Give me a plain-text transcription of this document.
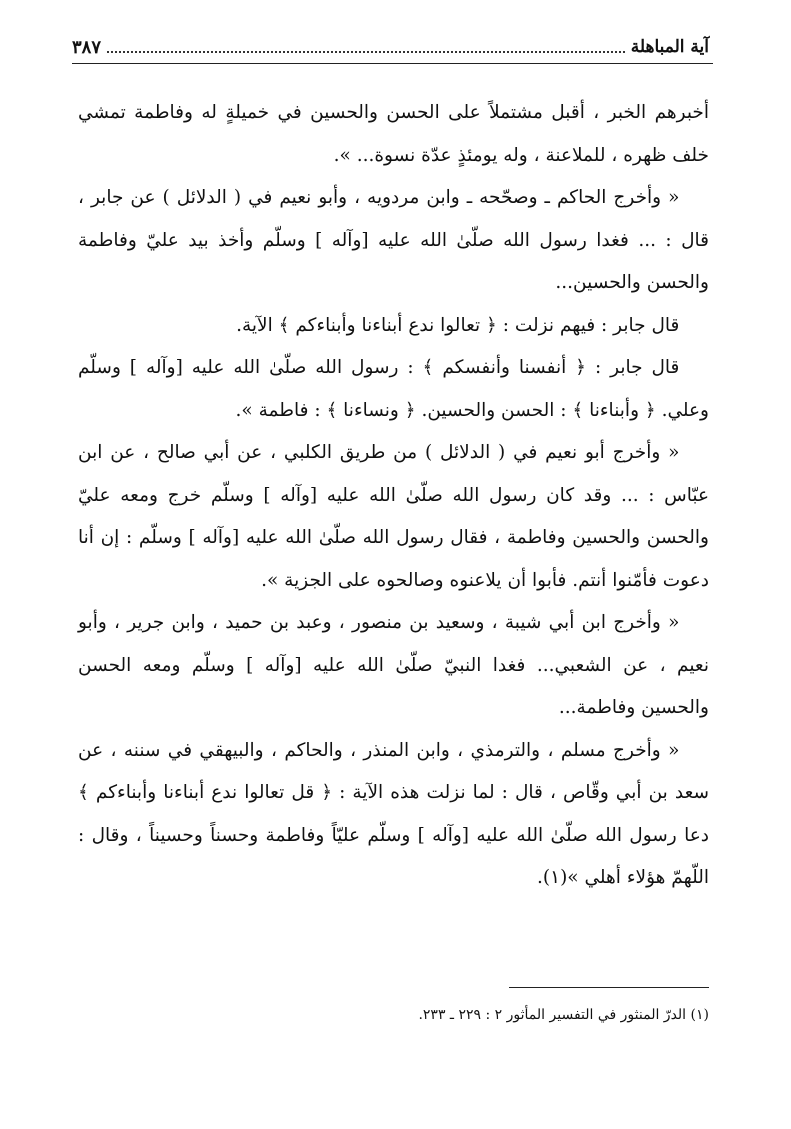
آية المباهلة
٣٨٧

أخبرهم الخبر ، أقبل مشتملاً على الحسن والحسين في خميلةٍ له وفاطمة تمشي خلف ظهره ، للملاعنة ، وله يومئذٍ عدّة نسوة... ».

« وأخرج الحاكم ـ وصحّحه ـ وابن مردويه ، وأبو نعيم في ( الدلائل ) عن جابر ، قال : ... فغدا رسول الله صلّىٰ الله عليه [وآله ] وسلّم وأخذ بيد عليّ وفاطمة والحسن والحسين...

قال جابر : فيهم نزلت : ﴿ تعالوا ندع أبناءنا وأبناءكم ﴾ الآية.

قال جابر : ﴿ أنفسنا وأنفسكم ﴾ : رسول الله صلّىٰ الله عليه [وآله ] وسلّم وعلي. ﴿ وأبناءنا ﴾ : الحسن والحسين. ﴿ ونساءنا ﴾ : فاطمة ».

« وأخرج أبو نعيم في ( الدلائل ) من طريق الكلبي ، عن أبي صالح ، عن ابن عبّاس : ... وقد كان رسول الله صلّىٰ الله عليه [وآله ] وسلّم خرج ومعه عليّ والحسن والحسين وفاطمة ، فقال رسول الله صلّىٰ الله عليه [وآله ] وسلّم : إن أنا دعوت فأمّنوا أنتم. فأبوا أن يلاعنوه وصالحوه على الجزية ».

« وأخرج ابن أبي شيبة ، وسعيد بن منصور ، وعبد بن حميد ، وابن جرير ، وأبو نعيم ، عن الشعبي... فغدا النبيّ صلّىٰ الله عليه [وآله ] وسلّم ومعه الحسن والحسين وفاطمة...

« وأخرج مسلم ، والترمذي ، وابن المنذر ، والحاكم ، والبيهقي في سننه ، عن سعد بن أبي وقّاص ، قال : لما نزلت هذه الآية : ﴿ قل تعالوا ندع أبناءنا وأبناءكم ﴾ دعا رسول الله صلّىٰ الله عليه [وآله ] وسلّم عليّاً وفاطمة وحسناً وحسيناً ، وقال : اللّهمّ هؤلاء أهلي »(١).

(١) الدرّ المنثور في التفسير المأثور ٢ : ٢٢٩ ـ ٢٣٣.
